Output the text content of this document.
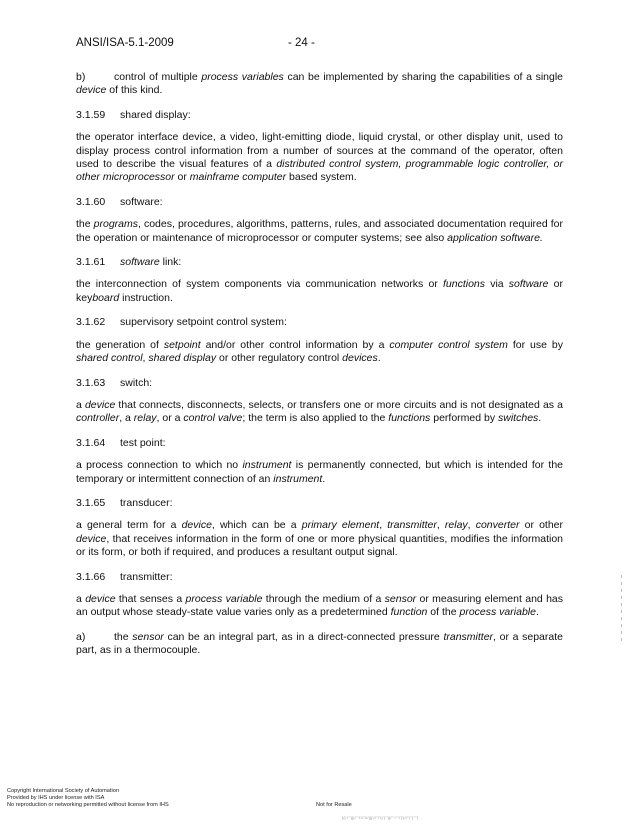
ANSI/ISA-5.1-2009	- 24 -

b)	control of multiple process variables can be implemented by sharing the capabilities of a single device of this kind.

3.1.59 shared display:

the operator interface device, a video, light-emitting diode, liquid crystal, or other display unit, used to display process control information from a number of sources at the command of the operator, often used to describe the visual features of a distributed control system, programmable logic controller, or other microprocessor or mainframe computer based system.

3.1.60 software:

the programs, codes, procedures, algorithms, patterns, rules, and associated documentation required for the operation or maintenance of microprocessor or computer systems; see also application software.

3.1.61 software link:

the interconnection of system components via communication networks or functions via software or keyboard instruction.

3.1.62 supervisory setpoint control system:

the generation of setpoint and/or other control information by a computer control system for use by shared control, shared display or other regulatory control devices.

3.1.63 switch:

a device that connects, disconnects, selects, or transfers one or more circuits and is not designated as a controller, a relay, or a control valve; the term is also applied to the functions performed by switches.

3.1.64 test point:

a process connection to which no instrument is permanently connected, but which is intended for the temporary or intermittent connection of an instrument.

3.1.65 transducer:

a general term for a device, which can be a primary element, transmitter, relay, converter or other device, that receives information in the form of one or more physical quantities, modifies the information or its form, or both if required, and produces a resultant output signal.

3.1.66 transmitter:

a device that senses a process variable through the medium of a sensor or measuring element and has an output whose steady-state value varies only as a predetermined function of the process variable.

a)	the sensor can be an integral part, as in a direct-connected pressure transmitter, or a separate part, as in a thermocouple.

Copyright International Society of Automation
Provided by IHS under license with ISA
No reproduction or networking permitted without license from IHS	Not for Resale
|/|'/'''|||/'''/'//'///|||'//''/'/|'|'''||/'''/'''/'|'|//''/''|''''|
